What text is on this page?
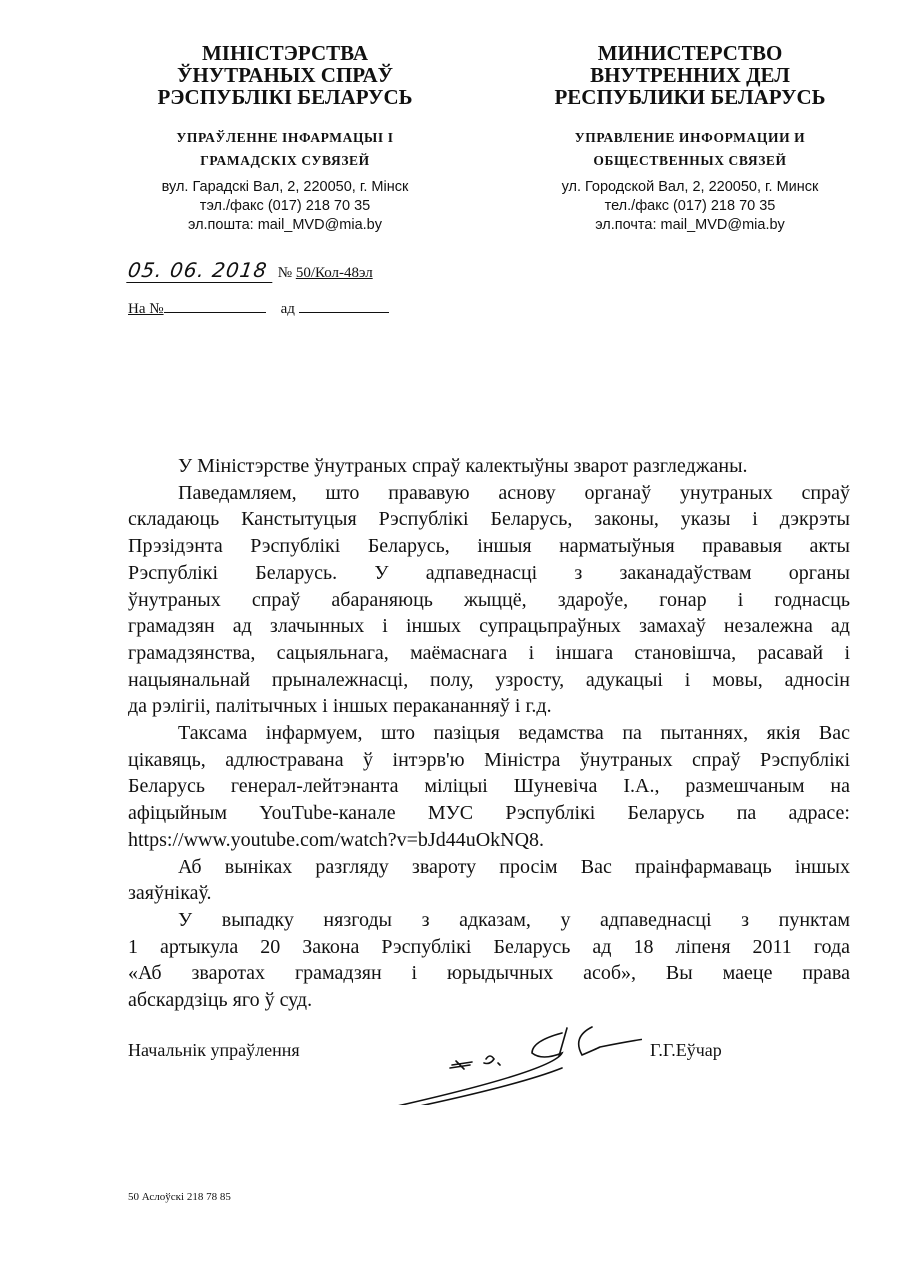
МІНІСТЭРСТВА
ЎНУТРАНЫХ СПРАЎ
РЭСПУБЛІКІ БЕЛАРУСЬ
УПРАЎЛЕННЕ ІНФАРМАЦЫІ І
ГРАМАДСКІХ СУВЯЗЕЙ
вул. Гарадскі Вал, 2, 220050, г. Мінск
тэл./факс (017) 218 70 35
эл.пошта: mail_MVD@mia.by
МИНИСТЕРСТВО
ВНУТРЕННИХ ДЕЛ
РЕСПУБЛИКИ БЕЛАРУСЬ
УПРАВЛЕНИЕ ИНФОРМАЦИИ И
ОБЩЕСТВЕННЫХ СВЯЗЕЙ
ул. Городской Вал, 2, 220050, г. Минск
тел./факс (017) 218 70 35
эл.почта: mail_MVD@mia.by
05. 06. 2018 № 50/Кол-48эл
На №	ад
У Міністэрстве ўнутраных спраў калектыўны зварот разгледжаны.
Паведамляем, што прававую аснову органаў унутраных спраў
складаюць Канстытуцыя Рэспублікі Беларусь, законы, указы і дэкрэты
Прэзідэнта Рэспублікі Беларусь, іншыя нарматыўныя прававыя акты
Рэспублікі Беларусь. У адпаведнасці з заканадаўствам органы
ўнутраных спраў абараняюць жыццё, здароўе, гонар і годнасць
грамадзян ад злачынных і іншых супрацьпраўных замахаў незалежна ад
грамадзянства, сацыяльнага, маёмаснага і іншага становішча, расавай і
нацыянальнай прыналежнасці, полу, узросту, адукацыі і мовы, адносін
да рэлігіі, палітычных і іншых перакананняў і г.д.
Таксама інфармуем, што пазіцыя ведамства па пытаннях, якія Вас
цікавяць, адлюстравана ў інтэрв'ю Міністра ўнутраных спраў Рэспублікі
Беларусь генерал-лейтэнанта міліцыі Шуневіча І.А., размешчаным на
афіцыйным YouTube-канале МУС Рэспублікі Беларусь па адрасе:
https://www.youtube.com/watch?v=bJd44uOkNQ8.
Аб выніках разгляду звароту просім Вас праінфармаваць іншых
заяўнікаў.
У выпадку нязгоды з адказам, у адпаведнасці з пунктам
1 артыкула 20 Закона Рэспублікі Беларусь ад 18 ліпеня 2011 года
«Аб зваротах грамадзян і юрыдычных асоб», Вы маеце права
абскардзіць яго ў суд.
Начальнік упраўлення	Г.Г.Еўчар
50 Аслоўскі 218 78 85
